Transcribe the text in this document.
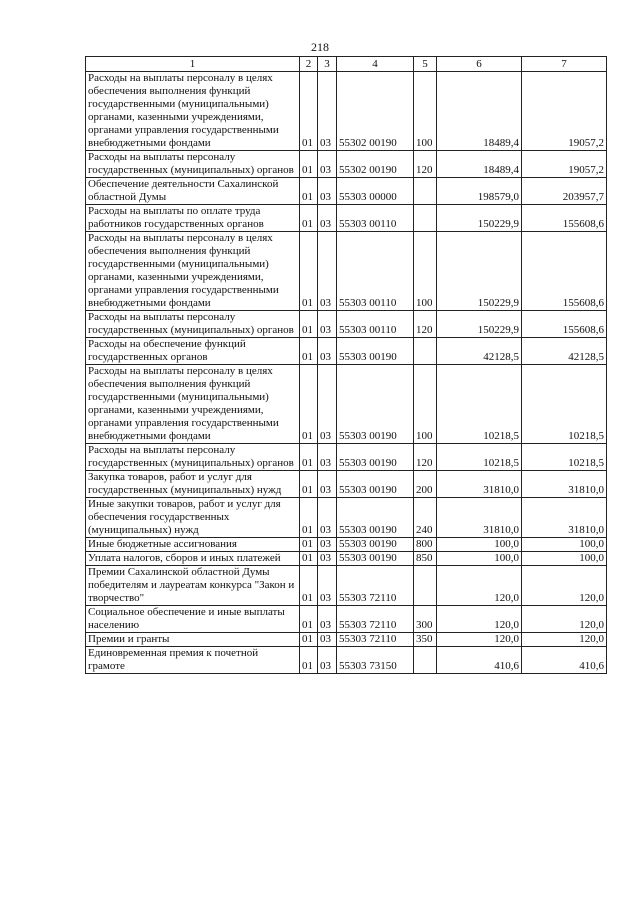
218
1	2	3	4	5	6	7
Расходы на выплаты персоналу в целях обеспечения выполнения функций государственными (муниципальными) органами, казенными учреждениями, органами управления государственными внебюджетными фондами	01	03	55302 00190	100	18489,4	19057,2
Расходы на выплаты персоналу государственных (муниципальных) органов	01	03	55302 00190	120	18489,4	19057,2
Обеспечение деятельности Сахалинской областной Думы	01	03	55303 00000		198579,0	203957,7
Расходы на выплаты по оплате труда работников государственных органов	01	03	55303 00110		150229,9	155608,6
Расходы на выплаты персоналу в целях обеспечения выполнения функций государственными (муниципальными) органами, казенными учреждениями, органами управления государственными внебюджетными фондами	01	03	55303 00110	100	150229,9	155608,6
Расходы на выплаты персоналу государственных (муниципальных) органов	01	03	55303 00110	120	150229,9	155608,6
Расходы на обеспечение функций государственных органов	01	03	55303 00190		42128,5	42128,5
Расходы на выплаты персоналу в целях обеспечения выполнения функций государственными (муниципальными) органами, казенными учреждениями, органами управления государственными внебюджетными фондами	01	03	55303 00190	100	10218,5	10218,5
Расходы на выплаты персоналу государственных (муниципальных) органов	01	03	55303 00190	120	10218,5	10218,5
Закупка товаров, работ и услуг для государственных (муниципальных) нужд	01	03	55303 00190	200	31810,0	31810,0
Иные закупки товаров, работ и услуг для обеспечения государственных (муниципальных) нужд	01	03	55303 00190	240	31810,0	31810,0
Иные бюджетные ассигнования	01	03	55303 00190	800	100,0	100,0
Уплата налогов, сборов и иных платежей	01	03	55303 00190	850	100,0	100,0
Премии Сахалинской областной Думы победителям и лауреатам конкурса "Закон и творчество"	01	03	55303 72110		120,0	120,0
Социальное обеспечение и иные выплаты населению	01	03	55303 72110	300	120,0	120,0
Премии и гранты	01	03	55303 72110	350	120,0	120,0
Единовременная премия к почетной грамоте	01	03	55303 73150		410,6	410,6
